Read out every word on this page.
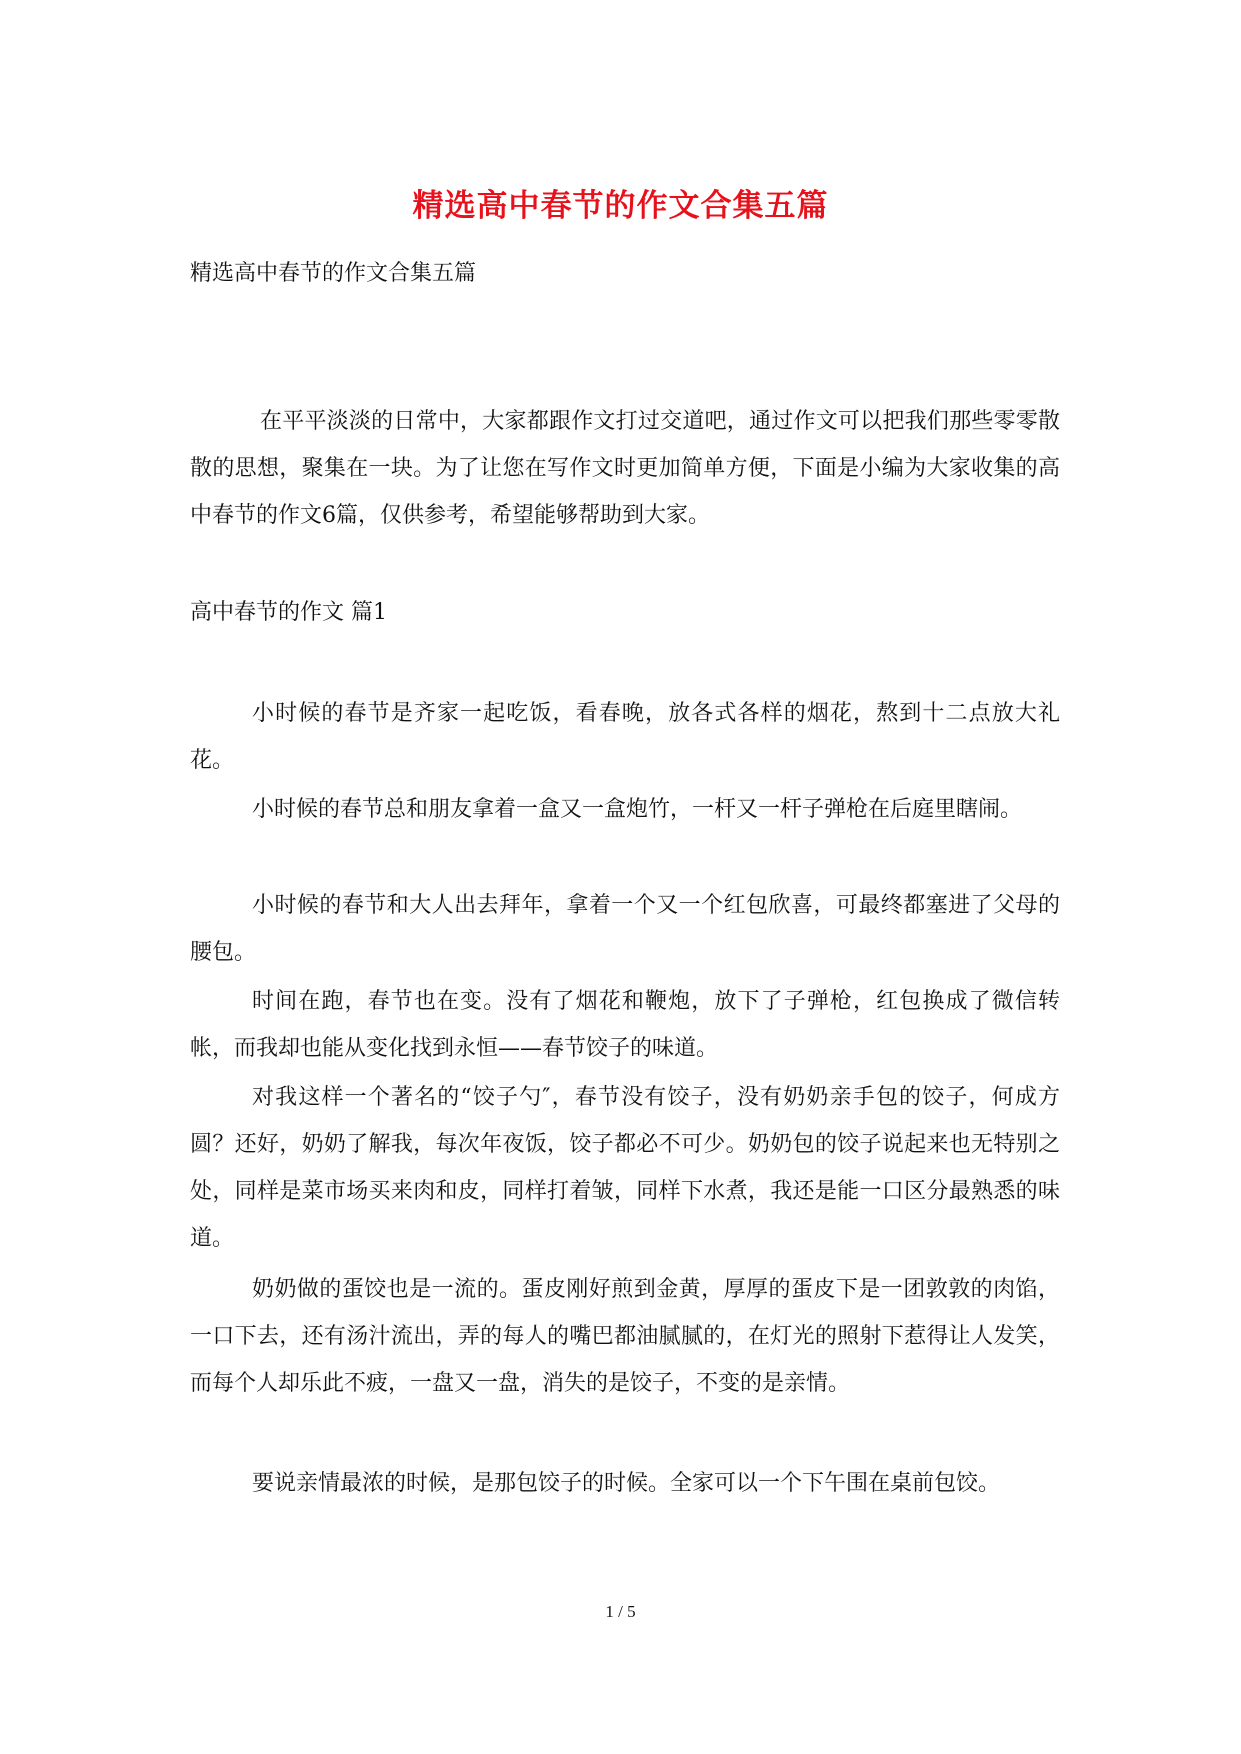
精选高中春节的作文合集五篇
精选高中春节的作文合集五篇

在平平淡淡的日常中，大家都跟作文打过交道吧，通过作文可以把我们那些零零散散的思想，聚集在一块。为了让您在写作文时更加简单方便，下面是小编为大家收集的高中春节的作文6篇，仅供参考，希望能够帮助到大家。

高中春节的作文 篇1

小时候的春节是齐家一起吃饭，看春晚，放各式各样的烟花，熬到十二点放大礼花。

小时候的春节总和朋友拿着一盒又一盒炮竹，一杆又一杆子弹枪在后庭里瞎闹。

小时候的春节和大人出去拜年，拿着一个又一个红包欣喜，可最终都塞进了父母的腰包。

时间在跑，春节也在变。没有了烟花和鞭炮，放下了子弹枪，红包换成了微信转帐，而我却也能从变化找到永恒——春节饺子的味道。

对我这样一个著名的“饺子勺″，春节没有饺子，没有奶奶亲手包的饺子，何成方圆？还好，奶奶了解我，每次年夜饭，饺子都必不可少。奶奶包的饺子说起来也无特别之处，同样是菜市场买来肉和皮，同样打着皱，同样下水煮，我还是能一口区分最熟悉的味道。

奶奶做的蛋饺也是一流的。蛋皮刚好煎到金黄，厚厚的蛋皮下是一团敦敦的肉馅，一口下去，还有汤汁流出，弄的每人的嘴巴都油腻腻的，在灯光的照射下惹得让人发笑，而每个人却乐此不疲，一盘又一盘，消失的是饺子，不变的是亲情。

要说亲情最浓的时候，是那包饺子的时候。全家可以一个下午围在桌前包饺。

1 / 5
